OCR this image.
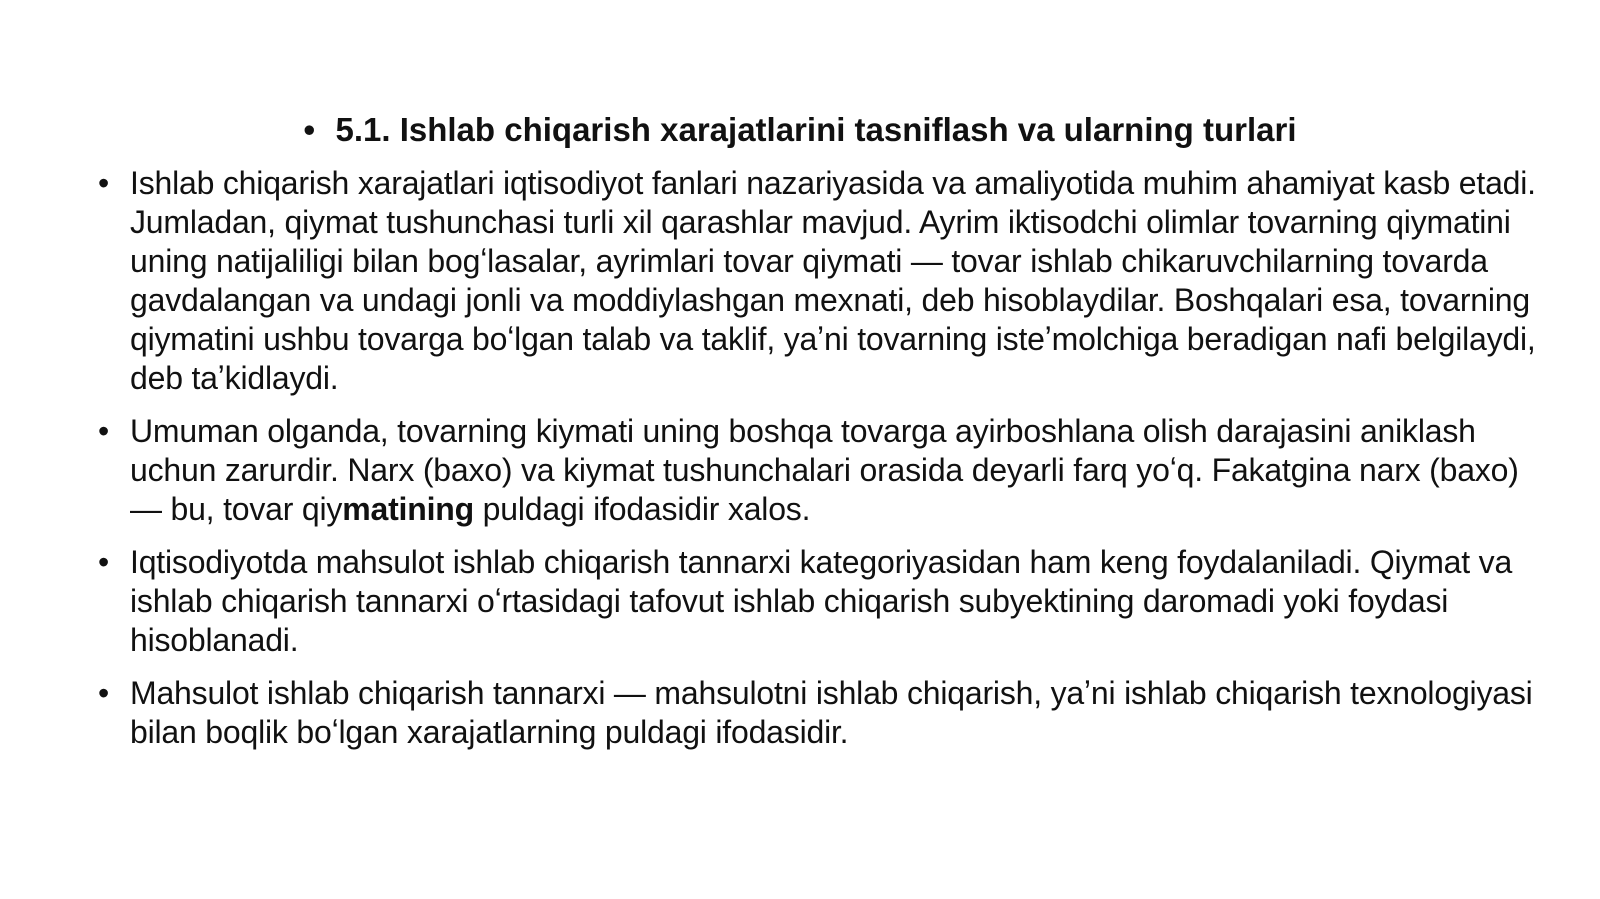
• 5.1. Ishlab chiqarish xarajatlarini tasniflash va ularning turlari
• Ishlab chiqarish xarajatlari iqtisodiyot fanlari nazariyasida va amaliyotida muhim ahamiyat kasb etadi. Jumladan, qiymat tushunchasi turli xil qarashlar mavjud. Ayrim iktisodchi olimlar tovarning qiymatini uning natijaliligi bilan bogʻlasalar, ayrimlari tovar qiymati — tovar ishlab chikaruvchilarning tovarda gavdalangan va undagi jonli va moddiylashgan mexnati, deb hisoblaydilar. Boshqalari esa, tovarning qiymatini ushbu tovarga boʻlgan talab va taklif, yaʼni tovarning isteʼmolchiga beradigan nafi belgilaydi, deb taʼkidlaydi.
• Umuman olganda, tovarning kiymati uning boshqa tovarga ayirboshlana olish darajasini aniklash uchun zarurdir. Narx (baxo) va kiymat tushunchalari orasida deyarli farq yoʻq. Fakatgina narx (baxo) — bu, tovar qiymatining puldagi ifodasidir xalos.
• Iqtisodiyotda mahsulot ishlab chiqarish tannarxi kategoriyasidan ham keng foydalaniladi. Qiymat va ishlab chiqarish tannarxi oʻrtasidagi tafovut ishlab chiqarish subyektining daromadi yoki foydasi hisoblanadi.
• Mahsulot ishlab chiqarish tannarxi — mahsulotni ishlab chiqarish, yaʼni ishlab chiqarish texnologiyasi bilan boqlik boʻlgan xarajatlarning puldagi ifodasidir.
